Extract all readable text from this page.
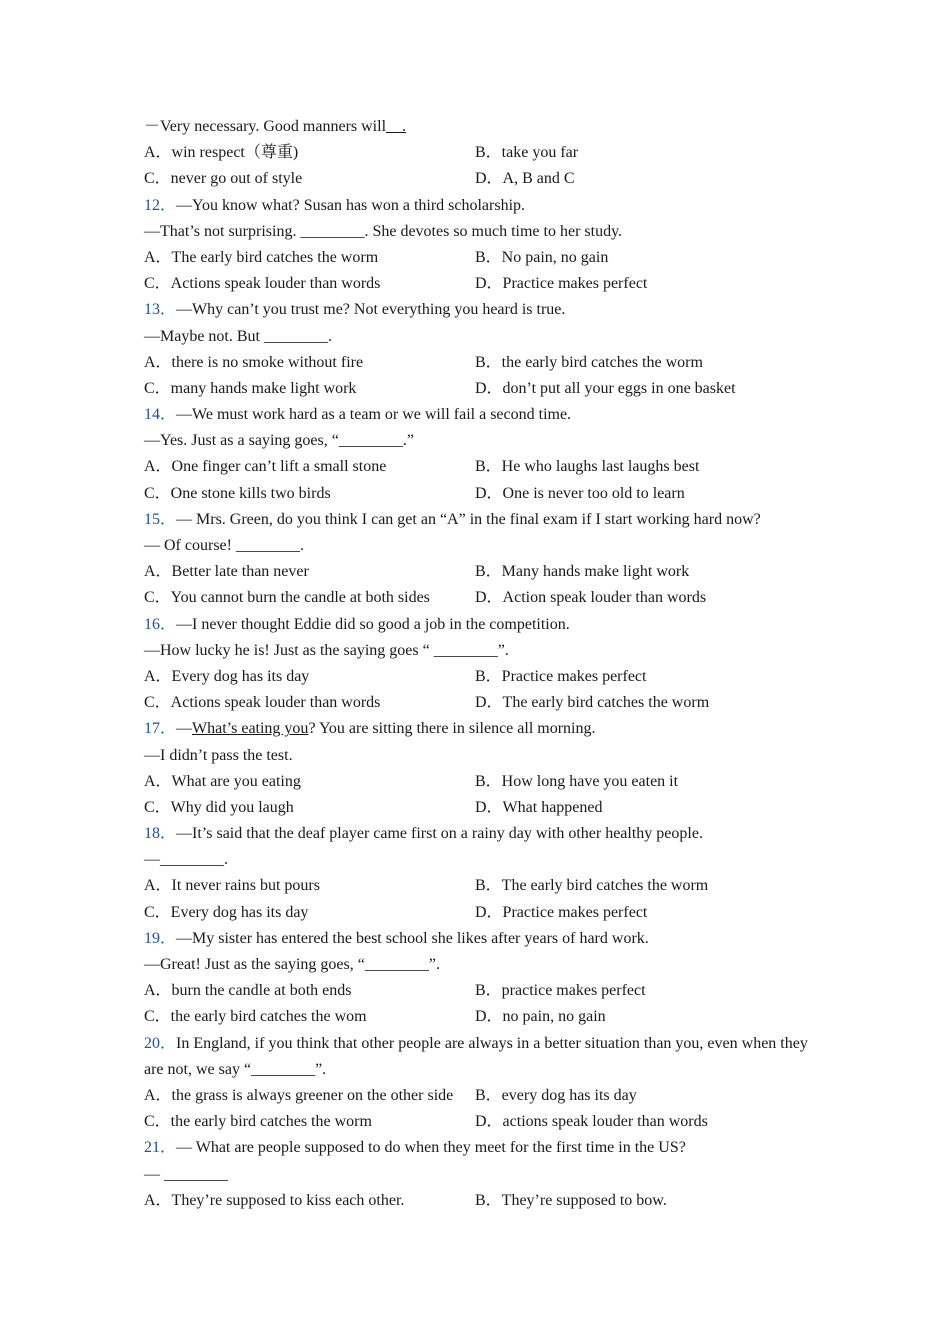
－Very necessary. Good manners will__.
A．win respect（尊重)	B．take you far
C．never go out of style	D．A, B and C
12．—You know what? Susan has won a third scholarship.
—That’s not surprising. ________. She devotes so much time to her study.
A．The early bird catches the worm	B．No pain, no gain
C．Actions speak louder than words	D．Practice makes perfect
13．—Why can’t you trust me? Not everything you heard is true.
—Maybe not. But ________.
A．there is no smoke without fire	B．the early bird catches the worm
C．many hands make light work	D．don’t put all your eggs in one basket
14．—We must work hard as a team or we will fail a second time.
—Yes. Just as a saying goes, “________.”
A．One finger can’t lift a small stone	B．He who laughs last laughs best
C．One stone kills two birds	D．One is never too old to learn
15．— Mrs. Green, do you think I can get an “A” in the final exam if I start working hard now?
— Of course! ________.
A．Better late than never	B．Many hands make light work
C．You cannot burn the candle at both sides	D．Action speak louder than words
16．—I never thought Eddie did so good a job in the competition.
—How lucky he is! Just as the saying goes “ ________”.
A．Every dog has its day	B．Practice makes perfect
C．Actions speak louder than words	D．The early bird catches the worm
17．—What’s eating you? You are sitting there in silence all morning.
—I didn’t pass the test.
A．What are you eating	B．How long have you eaten it
C．Why did you laugh	D．What happened
18．—It’s said that the deaf player came first on a rainy day with other healthy people.
—________.
A．It never rains but pours	B．The early bird catches the worm
C．Every dog has its day	D．Practice makes perfect
19．—My sister has entered the best school she likes after years of hard work.
—Great! Just as the saying goes, “________”.
A．burn the candle at both ends	B．practice makes perfect
C．the early bird catches the wom	D．no pain, no gain
20．In England, if you think that other people are always in a better situation than you, even when they are not, we say “________”.
A．the grass is always greener on the other side	B．every dog has its day
C．the early bird catches the worm	D．actions speak louder than words
21．— What are people supposed to do when they meet for the first time in the US?
— ________
A．They’re supposed to kiss each other.	B．They’re supposed to bow.
